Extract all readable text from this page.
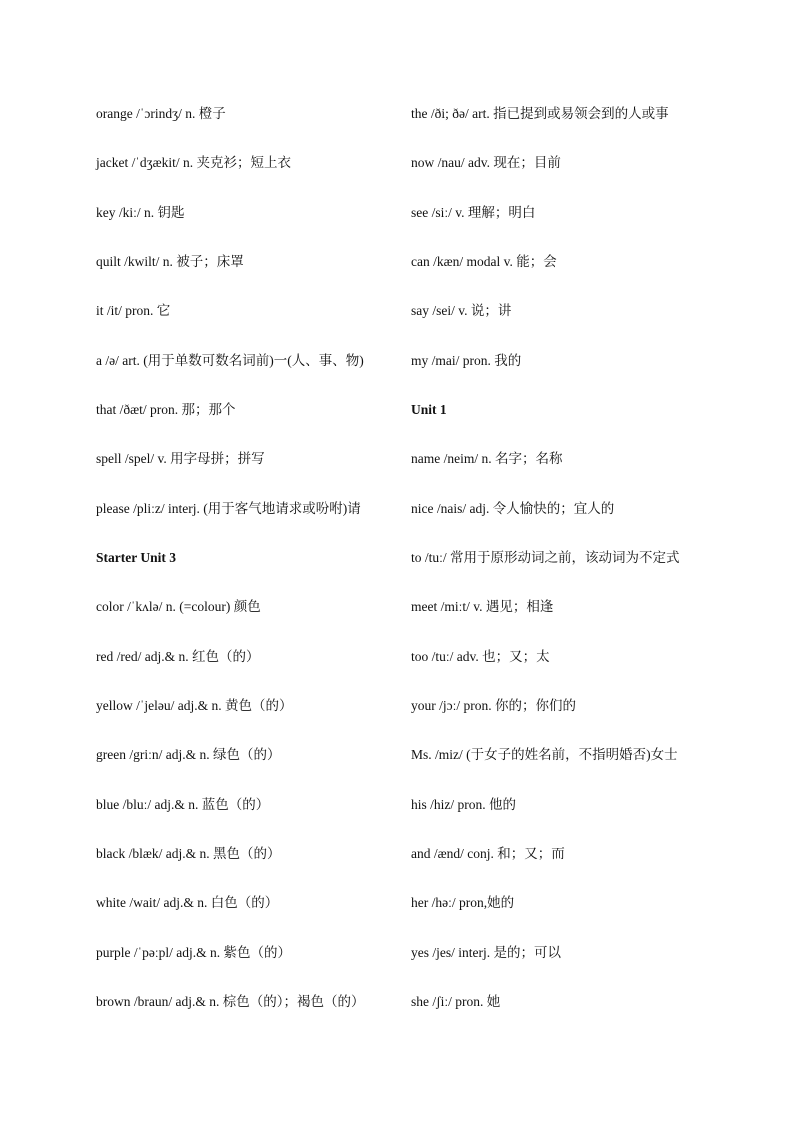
orange /ˈɔrindʒ/ n. 橙子
jacket /ˈdʒækit/ n. 夹克衫；短上衣
key /kiː/ n. 钥匙
quilt /kwilt/ n. 被子；床罩
it /it/ pron. 它
a /ə/ art. (用于单数可数名词前)一(人、事、物)
that /ðæt/ pron. 那；那个
spell /spel/ v. 用字母拼；拼写
please /pliːz/ interj. (用于客气地请求或吩咐)请
Starter Unit 3
color /ˈkʌlə/ n. (=colour) 颜色
red /red/ adj.& n. 红色（的）
yellow /ˈjeləu/ adj.& n. 黄色（的）
green /griːn/ adj.& n. 绿色（的）
blue /bluː/ adj.& n. 蓝色（的）
black /blæk/ adj.& n. 黑色（的）
white /wait/ adj.& n. 白色（的）
purple /ˈpəːpl/ adj.& n. 紫色（的）
brown /braun/ adj.& n. 棕色（的）；褐色（的）
the /ði; ðə/ art. 指已提到或易领会到的人或事
now /nau/ adv. 现在；目前
see /siː/ v. 理解；明白
can /kæn/ modal v. 能；会
say /sei/ v. 说；讲
my /mai/ pron. 我的
Unit 1
name /neim/ n. 名字；名称
nice /nais/ adj. 令人愉快的；宜人的
to /tuː/ 常用于原形动词之前，该动词为不定式
meet /miːt/ v. 遇见；相逢
too /tuː/ adv. 也；又；太
your /jɔː/ pron. 你的；你们的
Ms. /miz/ (于女子的姓名前，不指明婚否)女士
his /hiz/ pron. 他的
and /ænd/ conj. 和；又；而
her /həː/ pron,她的
yes /jes/ interj. 是的；可以
she /ʃiː/ pron. 她
